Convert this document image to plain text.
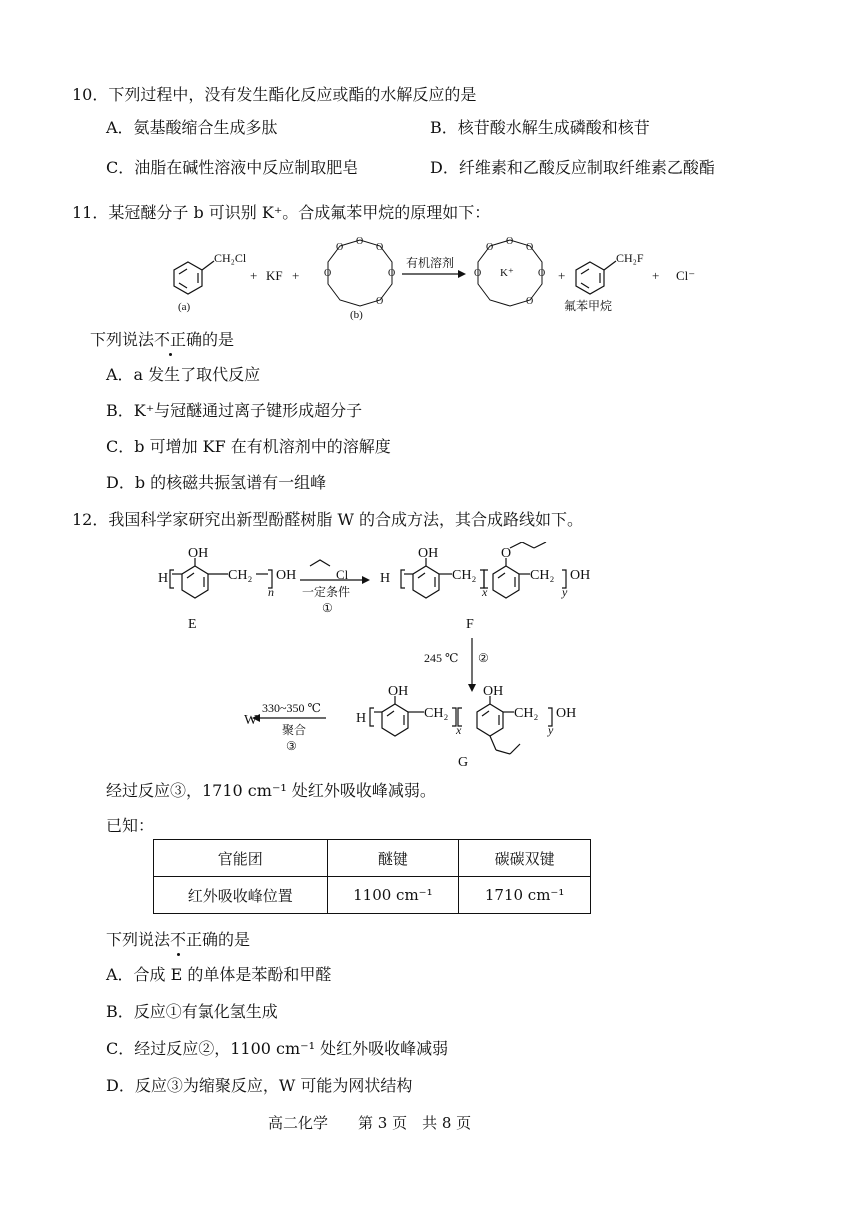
10．下列过程中，没有发生酯化反应或酯的水解反应的是
A．氨基酸缩合生成多肽	B．核苷酸水解生成磷酸和核苷
C．油脂在碱性溶液中反应制取肥皂	D．纤维素和乙酸反应制取纤维素乙酸酯
11．某冠醚分子 b 可识别 K⁺。合成氟苯甲烷的原理如下：
CH₂Cl
(a)
+ KF +
O
O
O
O
O
O
(b)
有机溶剂
O
O
O
O
O
O K⁺	+
CH₂F
氟苯甲烷
+ Cl⁻
下列说法不正确的是
A．a 发生了取代反应
B．K⁺与冠醚通过离子键形成超分子
C．b 可增加 KF 在有机溶剂中的溶解度
D．b 的核磁共振氢谱有一组峰
12．我国科学家研究出新型酚醛树脂 W 的合成方法，其合成路线如下。
OH
H	CH₂ OH
n
E
Cl
一定条件
①
H
OH
CH₂
x
O
CH₂
y
OH
F
245 ℃ ②
W
330~350 ℃
聚合
③
H
OH
CH₂
x
OH
CH₂
y
OH
G
经过反应③，1710 cm⁻¹ 处红外吸收峰减弱。
已知：
官能团	醚键	碳碳双键
红外吸收峰位置	1100 cm⁻¹	1710 cm⁻¹
下列说法不正确的是
A．合成 E 的单体是苯酚和甲醛
B．反应①有氯化氢生成
C．经过反应②，1100 cm⁻¹ 处红外吸收峰减弱
D．反应③为缩聚反应，W 可能为网状结构
高二化学　　第 3 页　共 8 页
